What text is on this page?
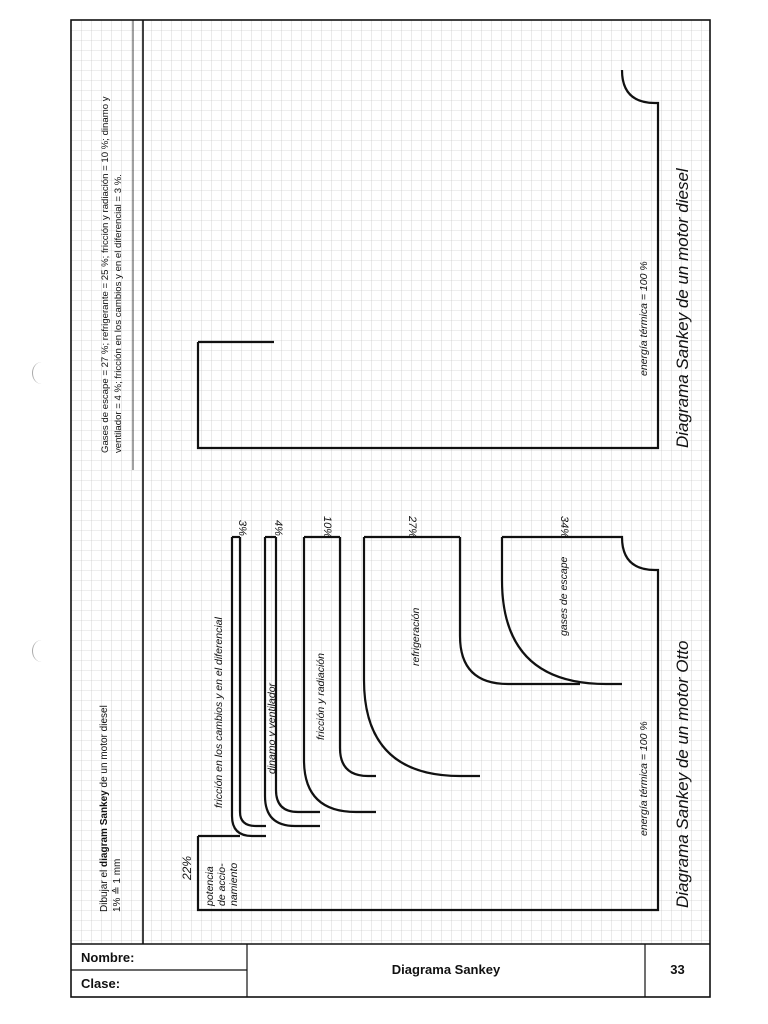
Dibujar el diagram Sankey de un motor diesel
1% ≙ 1 mm
Gases de escape = 27 %; refrigerante = 25 %; fricción y radiación = 10 %; dinamo y ventilador = 4 %; fricción en los cambios y en el diferencial = 3 %.
Diagrama Sankey de un motor Otto
energía térmica = 100 %
22% potencia de accio- namiento
fricción en los cambios y en el diferencial	dinamo y ventilador	fricción y radiación
refrigeración
gases de escape
3% 4%	10%	27%	34%
Diagrama Sankey de un motor diesel
energía térmica = 100 %
Nombre:
Clase:
Diagrama Sankey	33
